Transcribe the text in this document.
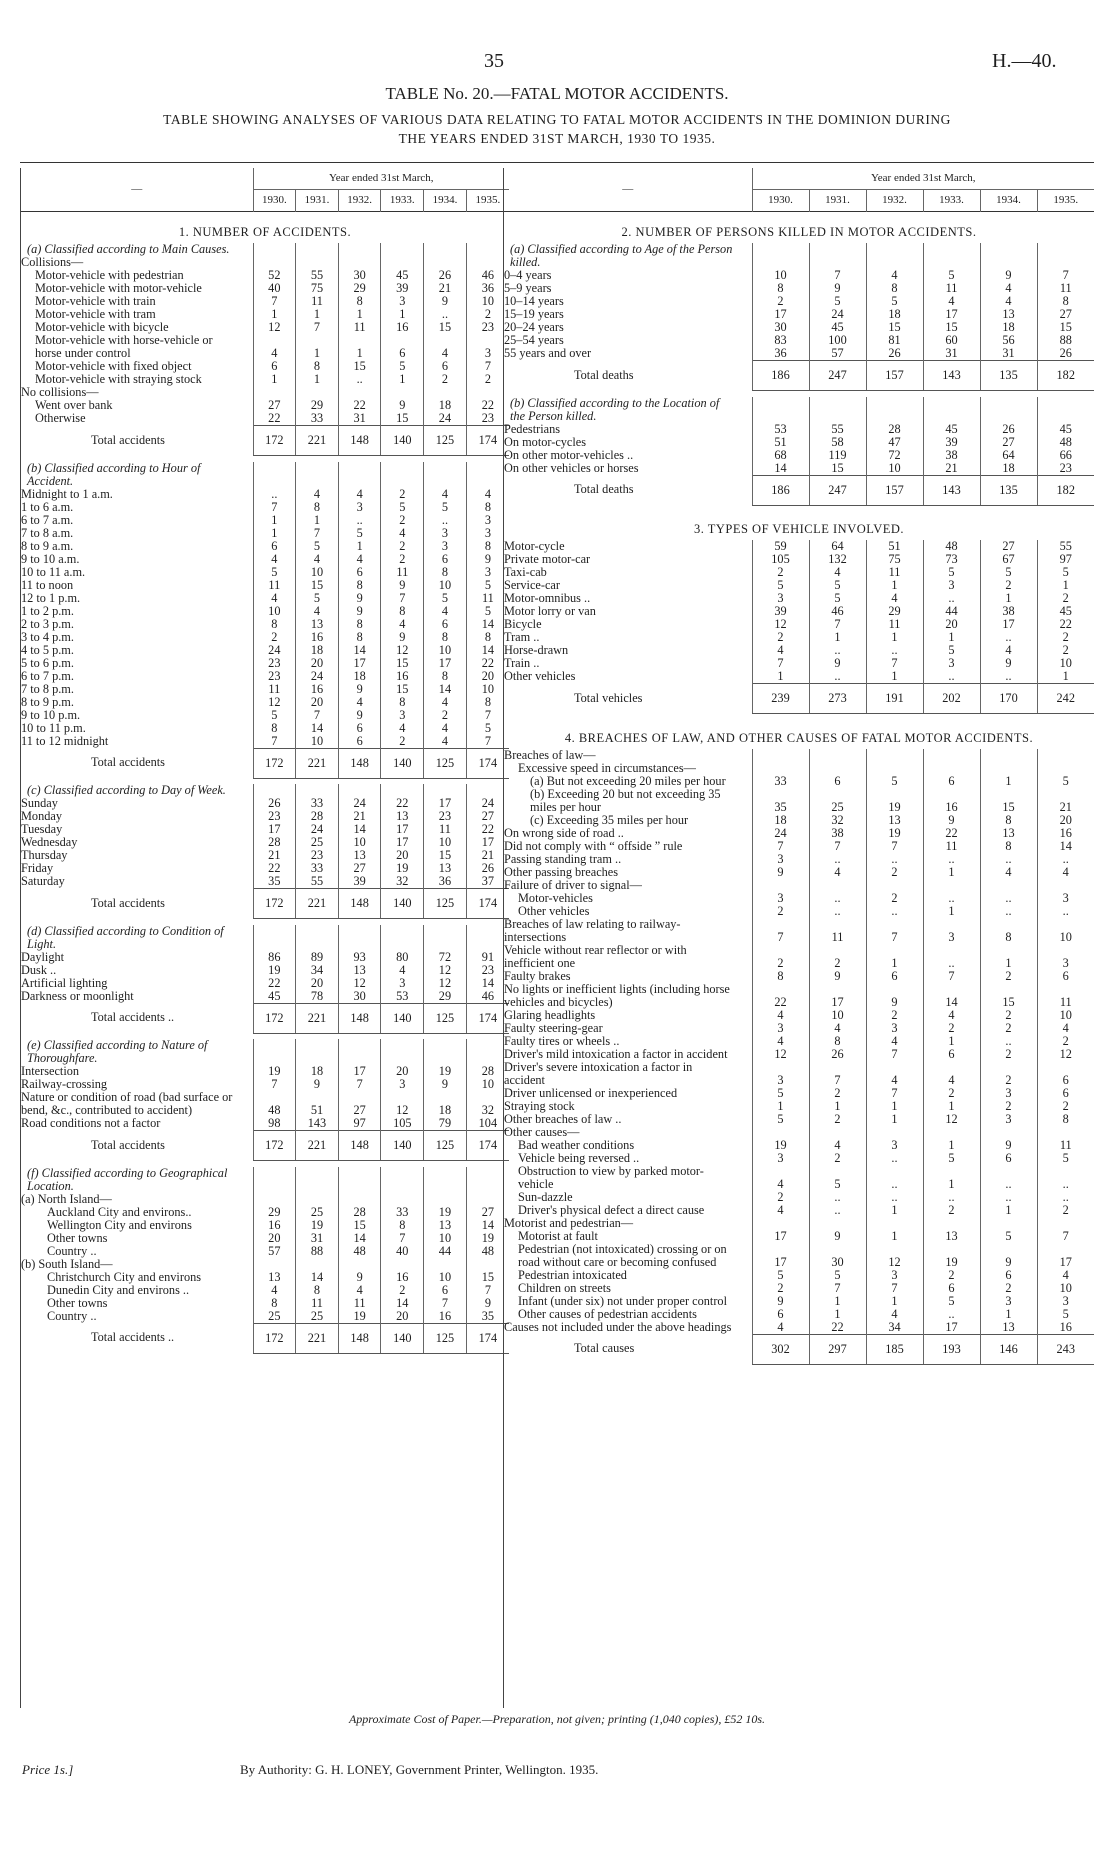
35	H.—40.
TABLE No. 20.—FATAL MOTOR ACCIDENTS.
TABLE SHOWING ANALYSES OF VARIOUS DATA RELATING TO FATAL MOTOR ACCIDENTS IN THE DOMINION DURING
THE YEARS ENDED 31ST MARCH, 1930 TO 1935.
—		Year ended 31st March,					
		1930.	1931.	1932.	1933.	1934.	1935.

1. NUMBER OF ACCIDENTS.							
(a) Classified according to Main Causes.							
Collisions—							
Motor-vehicle with pedestrian		52	55	30	45	26	46
Motor-vehicle with motor-vehicle		40	75	29	39	21	36
Motor-vehicle with train		7	11	8	3	9	10
Motor-vehicle with tram		1	1	1	1	..	2
Motor-vehicle with bicycle		12	7	11	16	15	23
Motor-vehicle with horse-vehicle or horse under control		4	1	1	6	4	3
Motor-vehicle with fixed object		6	8	15	5	6	7
Motor-vehicle with straying stock		1	1	..	1	2	2
No collisions—							
Went over bank		27	29	22	9	18	22
Otherwise		22	33	31	15	24	23
Total accidents		172	221	148	140	125	174

(b) Classified according to Hour of Accident.							
Midnight to 1 a.m.		..	4	4	2	4	4
1 to 6 a.m.		7	8	3	5	5	8
6 to 7 a.m.		1	1	..	2	..	3
7 to 8 a.m.		1	7	5	4	3	3
8 to 9 a.m.		6	5	1	2	3	8
9 to 10 a.m.		4	4	4	2	6	9
10 to 11 a.m.		5	10	6	11	8	3
11 to noon		11	15	8	9	10	5
12 to 1 p.m.		4	5	9	7	5	11
1 to 2 p.m.		10	4	9	8	4	5
2 to 3 p.m.		8	13	8	4	6	14
3 to 4 p.m.		2	16	8	9	8	8
4 to 5 p.m.		24	18	14	12	10	14
5 to 6 p.m.		23	20	17	15	17	22
6 to 7 p.m.		23	24	18	16	8	20
7 to 8 p.m.		11	16	9	15	14	10
8 to 9 p.m.		12	20	4	8	4	8
9 to 10 p.m.		5	7	9	3	2	7
10 to 11 p.m.		8	14	6	4	4	5
11 to 12 midnight		7	10	6	2	4	7
Total accidents		172	221	148	140	125	174

(c) Classified according to Day of Week.							
Sunday		26	33	24	22	17	24
Monday		23	28	21	13	23	27
Tuesday		17	24	14	17	11	22
Wednesday		28	25	10	17	10	17
Thursday		21	23	13	20	15	21
Friday		22	33	27	19	13	26
Saturday		35	55	39	32	36	37
Total accidents		172	221	148	140	125	174

(d) Classified according to Condition of Light.							
Daylight		86	89	93	80	72	91
Dusk ..		19	34	13	4	12	23
Artificial lighting		22	20	12	3	12	14
Darkness or moonlight		45	78	30	53	29	46
Total accidents ..		172	221	148	140	125	174

(e) Classified according to Nature of Thoroughfare.							
Intersection		19	18	17	20	19	28
Railway-crossing		7	9	7	3	9	10
Nature or condition of road (bad surface or bend, &c., contributed to accident)		48	51	27	12	18	32
Road conditions not a factor		98	143	97	105	79	104
Total accidents		172	221	148	140	125	174

(f) Classified according to Geographical Location.							
(a) North Island—							
Auckland City and environs..		29	25	28	33	19	27
Wellington City and environs		16	19	15	8	13	14
Other towns		20	31	14	7	10	19
Country ..		57	88	48	40	44	48
(b) South Island—							
Christchurch City and environs		13	14	9	16	10	15
Dunedin City and environs ..		4	8	4	2	6	7
Other towns		8	11	11	14	7	9
Country ..		25	25	19	20	16	35
Total accidents ..		172	221	148	140	125	174

—		Year ended 31st March,					
		1930.	1931.	1932.	1933.	1934.	1935.

2. NUMBER OF PERSONS KILLED IN MOTOR ACCIDENTS.							
(a) Classified according to Age of the Person killed.							
0–4 years		10	7	4	5	9	7
5–9 years		8	9	8	11	4	11
10–14 years		2	5	5	4	4	8
15–19 years		17	24	18	17	13	27
20–24 years		30	45	15	15	18	15
25–54 years		83	100	81	60	56	88
55 years and over		36	57	26	31	31	26
Total deaths		186	247	157	143	135	182

(b) Classified according to the Location of the Person killed.							
Pedestrians		53	55	28	45	26	45
On motor-cycles		51	58	47	39	27	48
On other motor-vehicles ..		68	119	72	38	64	66
On other vehicles or horses		14	15	10	21	18	23
Total deaths		186	247	157	143	135	182

3. TYPES OF VEHICLE INVOLVED.							
Motor-cycle		59	64	51	48	27	55
Private motor-car		105	132	75	73	67	97
Taxi-cab		2	4	11	5	5	5
Service-car		5	5	1	3	2	1
Motor-omnibus ..		3	5	4	..	1	2
Motor lorry or van		39	46	29	44	38	45
Bicycle		12	7	11	20	17	22
Tram ..		2	1	1	1	..	2
Horse-drawn		4	..	..	5	4	2
Train ..		7	9	7	3	9	10
Other vehicles		1	..	1	..	..	1
Total vehicles		239	273	191	202	170	242

4. BREACHES OF LAW, AND OTHER CAUSES OF FATAL MOTOR ACCIDENTS.							
Breaches of law—							
Excessive speed in circumstances—							
(a) But not exceeding 20 miles per hour		33	6	5	6	1	5
(b) Exceeding 20 but not exceeding 35 miles per hour		35	25	19	16	15	21
(c) Exceeding 35 miles per hour		18	32	13	9	8	20
On wrong side of road ..		24	38	19	22	13	16
Did not comply with “ offside ” rule		7	7	7	11	8	14
Passing standing tram ..		3	..	..	..	..	..
Other passing breaches		9	4	2	1	4	4
Failure of driver to signal—							
Motor-vehicles		3	..	2	..	..	3
Other vehicles		2	..	..	1	..	..
Breaches of law relating to railway-intersections		7	11	7	3	8	10
Vehicle without rear reflector or with inefficient one		2	2	1	..	1	3
Faulty brakes		8	9	6	7	2	6
No lights or inefficient lights (including horse vehicles and bicycles)		22	17	9	14	15	11
Glaring headlights		4	10	2	4	2	10
Faulty steering-gear		3	4	3	2	2	4
Faulty tires or wheels ..		4	8	4	1	..	2
Driver's mild intoxication a factor in accident		12	26	7	6	2	12
Driver's severe intoxication a factor in accident		3	7	4	4	2	6
Driver unlicensed or inexperienced		5	2	7	2	3	6
Straying stock		1	1	1	1	2	2
Other breaches of law ..		5	2	1	12	3	8
Other causes—							
Bad weather conditions		19	4	3	1	9	11
Vehicle being reversed ..		3	2	..	5	6	5
Obstruction to view by parked motor-vehicle		4	5	..	1	..	..
Sun-dazzle		2	..	..	..	..	..
Driver's physical defect a direct cause		4	..	1	2	1	2
Motorist and pedestrian—							
Motorist at fault		17	9	1	13	5	7
Pedestrian (not intoxicated) crossing or on road without care or becoming confused		17	30	12	19	9	17
Pedestrian intoxicated		5	5	3	2	6	4
Children on streets		2	7	7	6	2	10
Infant (under six) not under proper control		9	1	1	5	3	3
Other causes of pedestrian accidents		6	1	4	..	1	5
Causes not included under the above headings		4	22	34	17	13	16
Total causes		302	297	185	193	146	243

Approximate Cost of Paper.—Preparation, not given; printing (1,040 copies), £52 10s.
Price 1s.]	By Authority: G. H. LONEY, Government Printer, Wellington. 1935.
